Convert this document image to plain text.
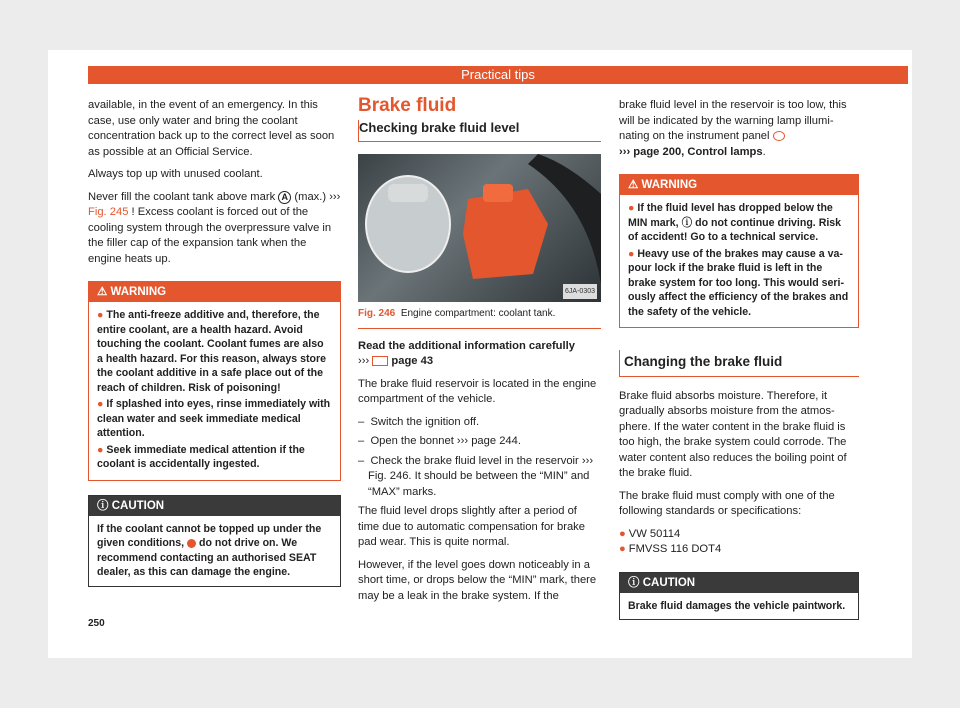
Practical tips

available, in the event of an emergency. In this case, use only water and bring the coolant concentration back up to the correct level as soon as possible at an Official Service.

Always top up with unused coolant.

Never fill the coolant tank above mark A (max.) ››› Fig. 245 ! Excess coolant is forced out of the cooling system through the overpressure valve in the filler cap of the expansion tank when the engine heats up.

⚠ WARNING
● The anti-freeze additive and, therefore, the entire coolant, are a health hazard. Avoid touching the coolant. Coolant fumes are also a health hazard. For this reason, always store the coolant additive in a safe place out of the reach of children. Risk of poisoning!
● If splashed into eyes, rinse immediately with clean water and seek immediate medical attention.
● Seek immediate medical attention if the coolant is accidentally ingested.
ⓘ CAUTION
If the coolant cannot be topped up under the given conditions,  do not drive on. We recommend contacting an authorised SEAT dealer, as this can damage the engine.
Brake fluid
Checking brake fluid level
6JA-0303
Fig. 246 Engine compartment: coolant tank.

Read the additional information carefully
›››  page 43

The brake fluid reservoir is located in the engine compartment of the vehicle.

–  Switch the ignition off.
–  Open the bonnet ››› page 244.
–  Check the brake fluid level in the reservoir ››› Fig. 246. It should be between the “MIN” and “MAX” marks.

The fluid level drops slightly after a period of time due to automatic compensation for brake pad wear. This is quite normal.

However, if the level goes down noticeably in a short time, or drops below the “MIN” mark, there may be a leak in the brake system. If the

brake fluid level in the reservoir is too low, this will be indicated by the warning lamp illuminating on the instrument panel
››› page 200, Control lamps.

⚠ WARNING
● If the fluid level has dropped below the MIN mark, ⓘ do not continue driving. Risk of accident! Go to a technical service.
● Heavy use of the brakes may cause a vapour lock if the brake fluid is left in the brake system for too long. This would seriously affect the efficiency of the brakes and the safety of the vehicle.
Changing the brake fluid

Brake fluid absorbs moisture. Therefore, it gradually absorbs moisture from the atmosphere. If the water content in the brake fluid is too high, the brake system could corrode. The water content also reduces the boiling point of the brake fluid.

The brake fluid must comply with one of the following standards or specifications:

● VW 50114
● FMVSS 116 DOT4
ⓘ CAUTION
Brake fluid damages the vehicle paintwork.
250
